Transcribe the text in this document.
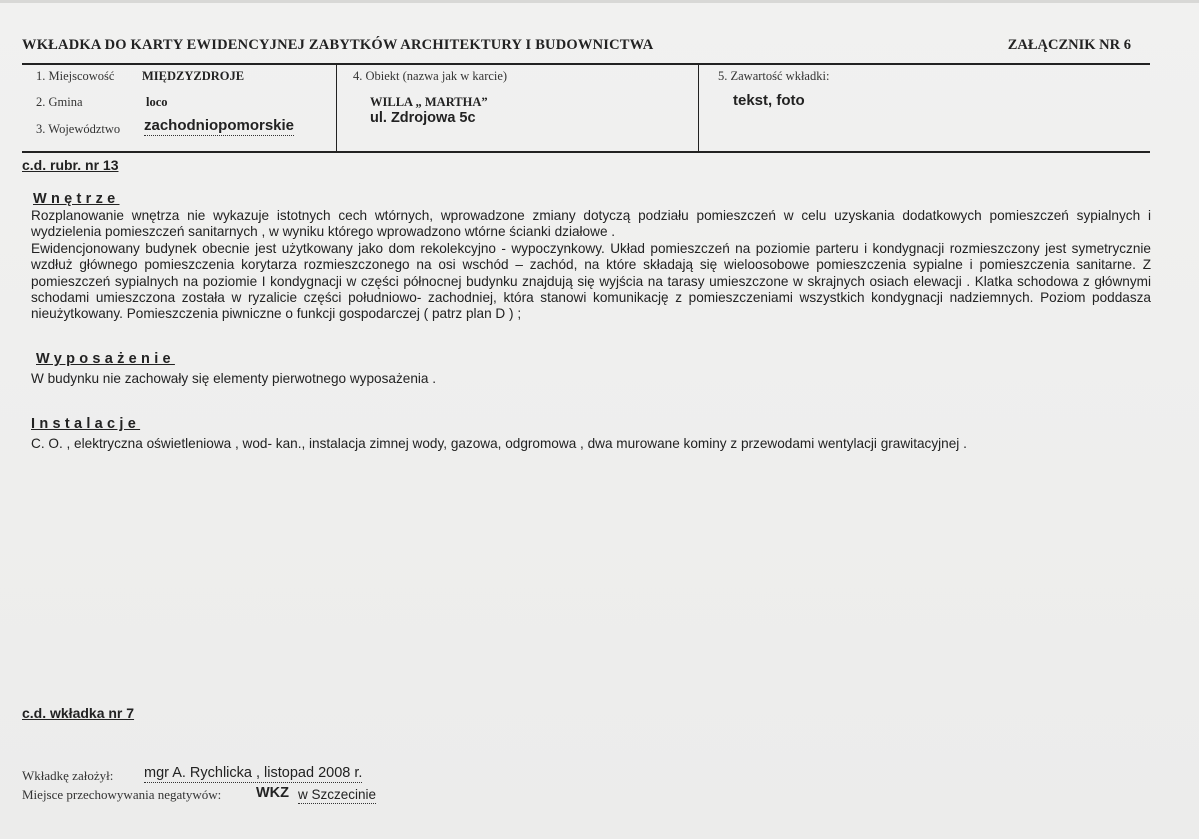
WKŁADKA DO KARTY EWIDENCYJNEJ ZABYTKÓW ARCHITEKTURY I BUDOWNICTWA	ZAŁĄCZNIK NR 6
1. Miejscowość MIĘDZYZDROJE
2. Gmina	loco
3. Województwo zachodniopomorskie
4. Obiekt (nazwa jak w karcie)
WILLA „ MARTHA”
ul. Zdrojowa 5c
5. Zawartość wkładki:
tekst, foto
c.d. rubr. nr 13
Wnętrze

Rozplanowanie wnętrza nie wykazuje istotnych cech wtórnych, wprowadzone zmiany dotyczą podziału pomieszczeń w celu uzyskania dodatkowych pomieszczeń sypialnych i wydzielenia pomieszczeń sanitarnych , w wyniku którego wprowadzono wtórne ścianki działowe .

Ewidencjonowany budynek obecnie jest użytkowany jako dom rekolekcyjno - wypoczynkowy. Układ pomieszczeń na poziomie parteru i kondygnacji rozmieszczony jest symetrycznie wzdłuż głównego pomieszczenia korytarza rozmieszczonego na osi wschód – zachód, na które składają się wieloosobowe pomieszczenia sypialne i pomieszczenia sanitarne. Z pomieszczeń sypialnych na poziomie I kondygnacji w części północnej budynku znajdują się wyjścia na tarasy umieszczone w skrajnych osiach elewacji . Klatka schodowa z głównymi schodami umieszczona została w ryzalicie części południowo- zachodniej, która stanowi komunikację z pomieszczeniami wszystkich kondygnacji nadziemnych. Poziom poddasza nieużytkowany. Pomieszczenia piwniczne o funkcji gospodarczej ( patrz plan D ) ;

Wyposażenie
W budynku nie zachowały się elementy pierwotnego wyposażenia .
Instalacje
C. O. , elektryczna oświetleniowa , wod- kan., instalacja zimnej wody, gazowa, odgromowa , dwa murowane kominy z przewodami wentylacji grawitacyjnej .
c.d. wkładka nr 7
Wkładkę założył: mgr A. Rychlicka , listopad 2008 r.
Miejsce przechowywania negatywów: WKZ w Szczecinie
